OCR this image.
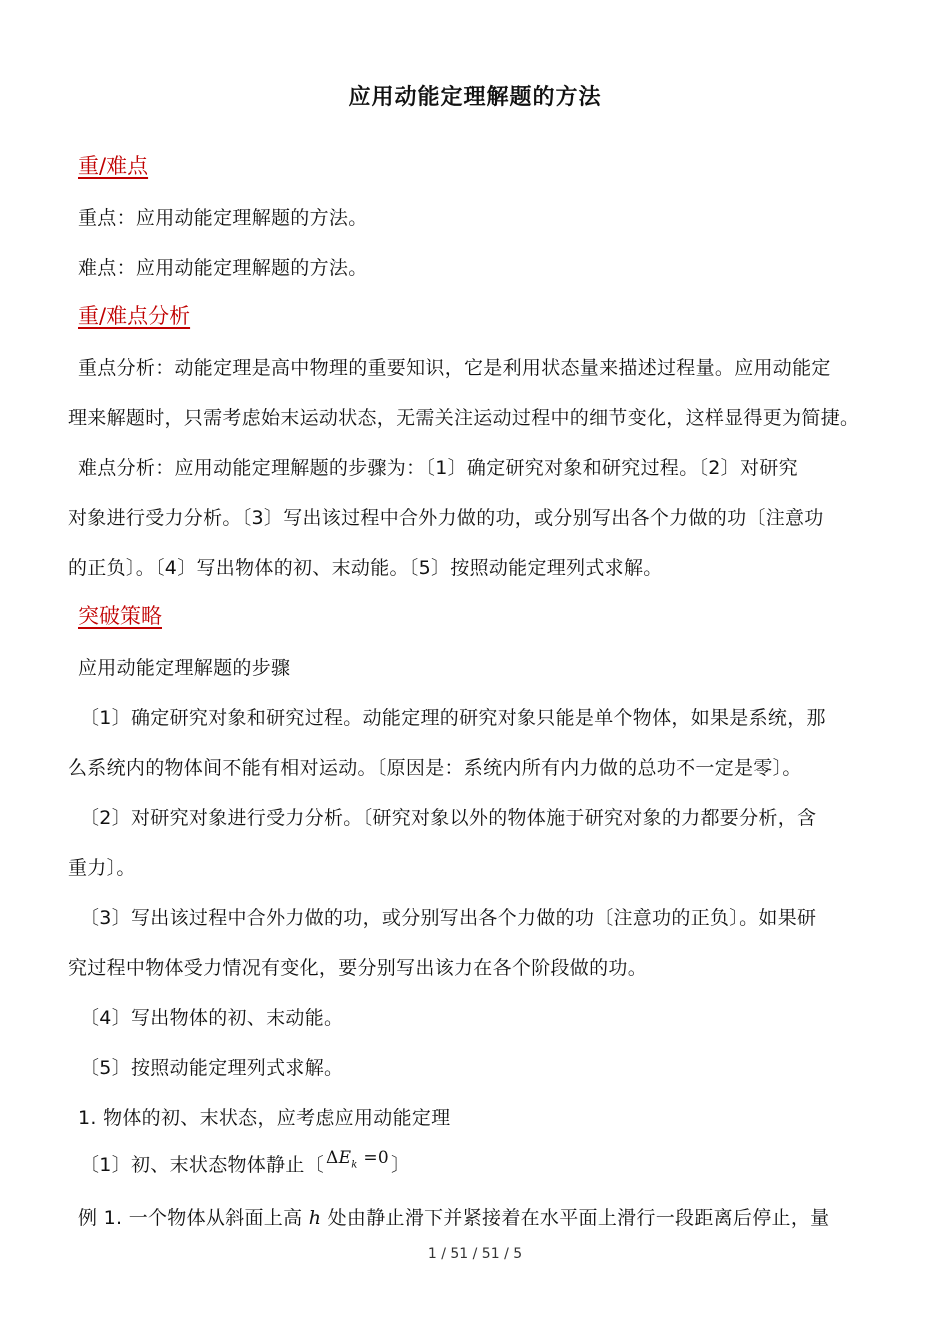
应用动能定理解题的方法
重/难点
重点：应用动能定理解题的方法。
难点：应用动能定理解题的方法。
重/难点分析
重点分析：动能定理是高中物理的重要知识，它是利用状态量来描述过程量。应用动能定
理来解题时，只需考虑始末运动状态，无需关注运动过程中的细节变化，这样显得更为简捷。
难点分析：应用动能定理解题的步骤为：〔1〕确定研究对象和研究过程。〔2〕对研究
对象进行受力分析。〔3〕写出该过程中合外力做的功，或分别写出各个力做的功〔注意功
的正负〕。〔4〕写出物体的初、末动能。〔5〕按照动能定理列式求解。
突破策略
应用动能定理解题的步骤
〔1〕确定研究对象和研究过程。动能定理的研究对象只能是单个物体，如果是系统，那
么系统内的物体间不能有相对运动。〔原因是：系统内所有内力做的总功不一定是零〕。
〔2〕对研究对象进行受力分析。〔研究对象以外的物体施于研究对象的力都要分析，含
重力〕。
〔3〕写出该过程中合外力做的功，或分别写出各个力做的功〔注意功的正负〕。如果研
究过程中物体受力情况有变化，要分别写出该力在各个阶段做的功。
〔4〕写出物体的初、末动能。
〔5〕按照动能定理列式求解。
1. 物体的初、末状态，应考虑应用动能定理
〔1〕初、末状态物体静止〔 $\Delta E_k =0$ 〕
例 1. 一个物体从斜面上高 h 处由静止滑下并紧接着在水平面上滑行一段距离后停止，量
1 / 51 / 51 / 5
